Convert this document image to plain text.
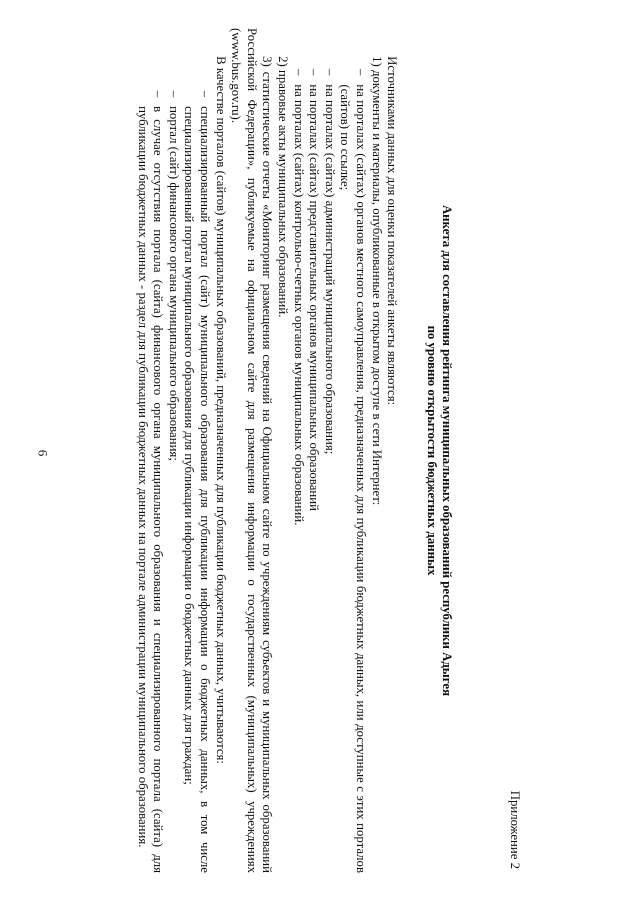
6
Приложение 2
Анкета для составления рейтинга муниципальных образований республики Адыгея
по уровню открытости бюджетных данных

Источниками данных для оценки показателей анкеты являются:

1) документы и материалы, опубликованные в открытом доступе в сети Интернет:

– на порталах (сайтах) органов местного самоуправления, предназначенных для публикации бюджетных данных, или доступные с этих порталов (сайтов) по ссылке;
– на порталах (сайтах) администраций муниципального образования;
– на порталах (сайтах) представительных органов муниципальных образований
– на порталах (сайтах) контрольно-счетных органов муниципальных образований.

2) правовые акты муниципальных образований.

3) статистические отчеты «Мониторинг размещения сведений на Официальном сайте по учреждениям субъектов и муниципальных образований Российской Федерации», публикуемые на официальном сайте для размещения информации о государственных (муниципальных) учреждениях (www.bus.gov.ru).

В качестве порталов (сайтов) муниципальных образований, предназначенных для публикации бюджетных данных, учитываются:

– специализированный портал (сайт) муниципального образования для публикации информации о бюджетных данных, в том числе специализированный портал муниципального образования для публикации информации о бюджетных данных для граждан;
– портал (сайт) финансового органа муниципального образования;
– в случае отсутствия портала (сайта) финансового органа муниципального образования и специализированного портала (сайта) для публикации бюджетных данных - раздел для публикации бюджетных данных на портале администрации муниципального образования.
